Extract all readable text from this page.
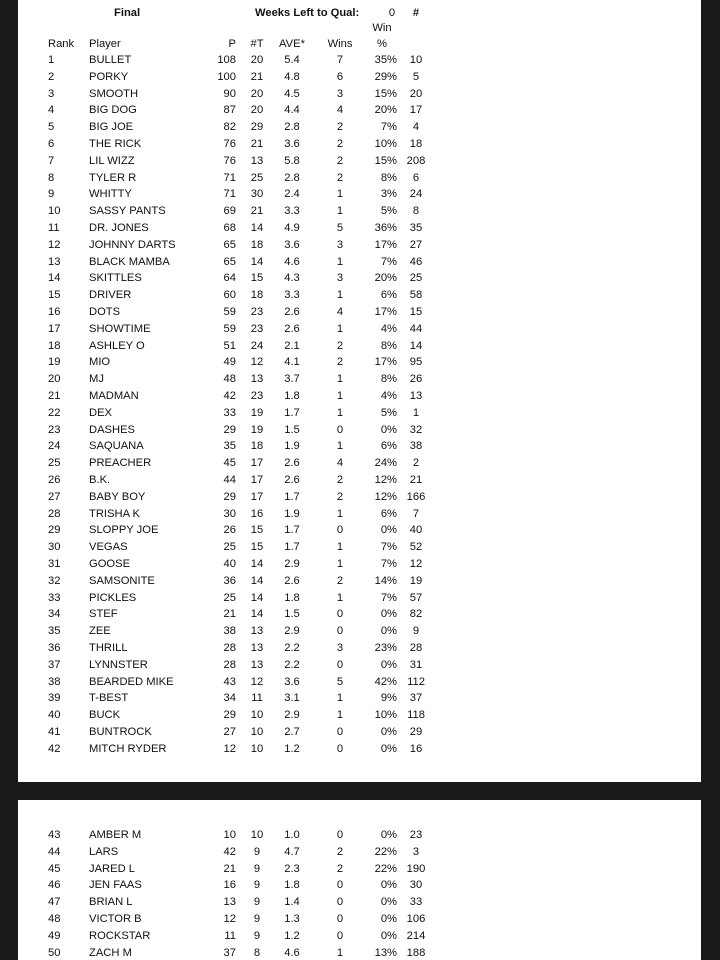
Final	Weeks Left to Qual:	0	#
Win
Rank Player	P	#T	AVE*	Wins	%
1	BULLET	108	20	5.4	7	35%	10
2	PORKY	100	21	4.8	6	29%	5
3	SMOOTH	90	20	4.5	3	15%	20
4	BIG DOG	87	20	4.4	4	20%	17
5	BIG JOE	82	29	2.8	2	7%	4
6	THE RICK	76	21	3.6	2	10%	18
7	LIL WIZZ	76	13	5.8	2	15% 208
8	TYLER R	71	25	2.8	2	8%	6
9	WHITTY	71	30	2.4	1	3%	24
10	SASSY PANTS	69	21	3.3	1	5%	8
11	DR. JONES	68	14	4.9	5	36%	35
12	JOHNNY DARTS	65	18	3.6	3	17%	27
13	BLACK MAMBA	65	14	4.6	1	7%	46
14	SKITTLES	64	15	4.3	3	20%	25
15	DRIVER	60	18	3.3	1	6%	58
16	DOTS	59	23	2.6	4	17%	15
17	SHOWTIME	59	23	2.6	1	4%	44
18	ASHLEY O	51	24	2.1	2	8%	14
19	MIO	49	12	4.1	2	17%	95
20	MJ	48	13	3.7	1	8%	26
21	MADMAN	42	23	1.8	1	4%	13
22	DEX	33	19	1.7	1	5%	1
23	DASHES	29	19	1.5	0	0%	32
24	SAQUANA	35	18	1.9	1	6%	38
25	PREACHER	45	17	2.6	4	24%	2
26	B.K.	44	17	2.6	2	12%	21
27	BABY BOY	29	17	1.7	2	12% 166
28	TRISHA K	30	16	1.9	1	6%	7
29	SLOPPY JOE	26	15	1.7	0	0%	40
30	VEGAS	25	15	1.7	1	7%	52
31	GOOSE	40	14	2.9	1	7%	12
32	SAMSONITE	36	14	2.6	2	14%	19
33	PICKLES	25	14	1.8	1	7%	57
34	STEF	21	14	1.5	0	0%	82
35	ZEE	38	13	2.9	0	0%	9
36	THRILL	28	13	2.2	3	23%	28
37	LYNNSTER	28	13	2.2	0	0%	31
38	BEARDED MIKE	43	12	3.6	5	42% 112
39	T-BEST	34	11	3.1	1	9%	37
40	BUCK	29	10	2.9	1	10% 118
41	BUNTROCK	27	10	2.7	0	0%	29
42	MITCH RYDER	12	10	1.2	0	0%	16
43	AMBER M	10	10	1.0	0	0%	23
44	LARS	42	9	4.7	2	22%	3
45	JARED L	21	9	2.3	2	22% 190
46	JEN FAAS	16	9	1.8	0	0%	30
47	BRIAN L	13	9	1.4	0	0%	33
48	VICTOR B	12	9	1.3	0	0% 106
49	ROCKSTAR	11	9	1.2	0	0% 214
50	ZACH M	37	8	4.6	1	13% 188
